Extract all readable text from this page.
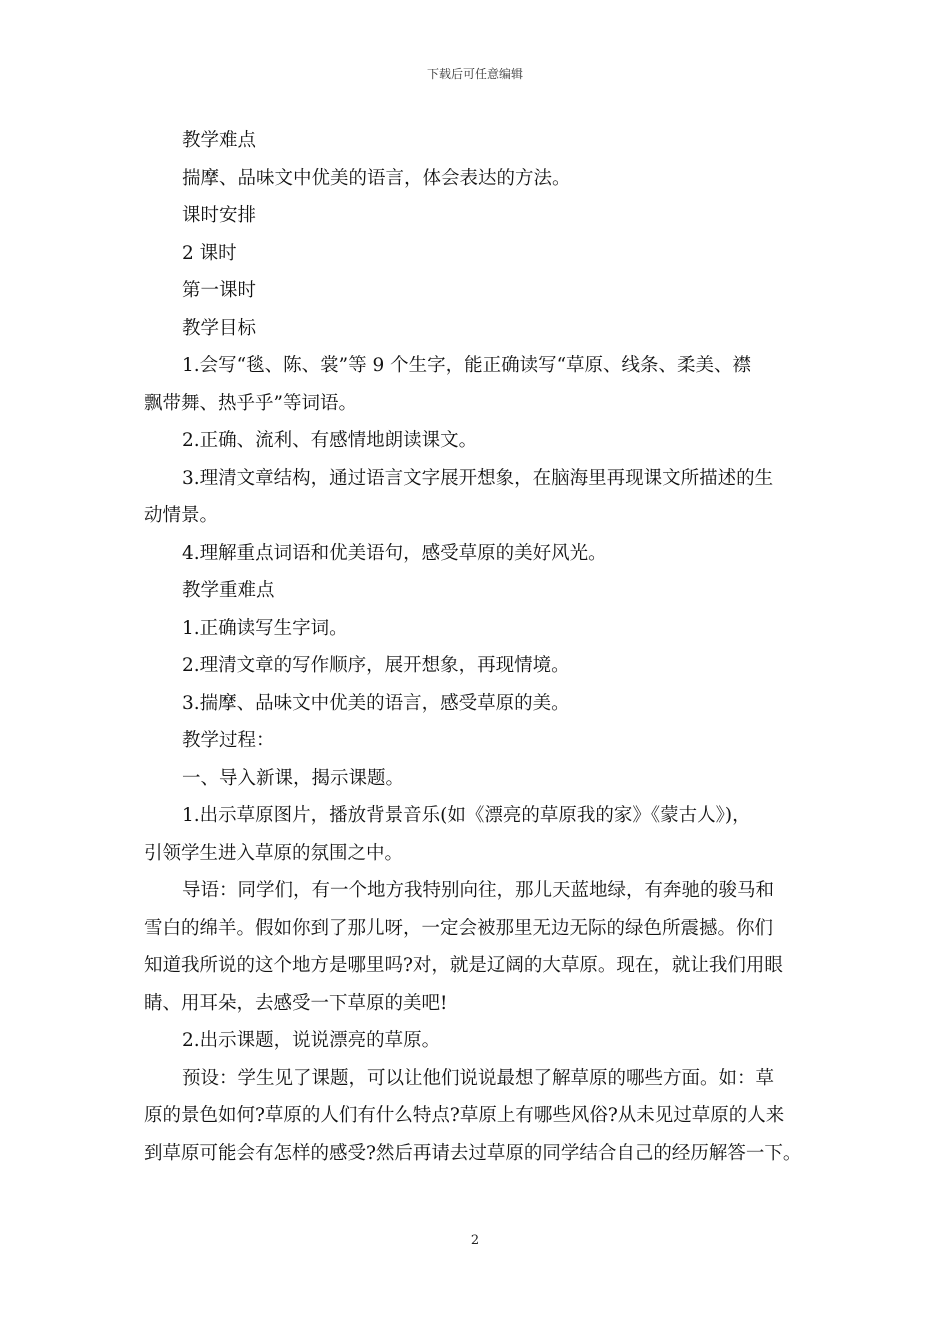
下载后可任意编辑
教学难点
揣摩、品味文中优美的语言，体会表达的方法。
课时安排
2 课时
第一课时
教学目标
1.会写“毯、陈、裳”等 9 个生字，能正确读写“草原、线条、柔美、襟
飘带舞、热乎乎”等词语。
2.正确、流利、有感情地朗读课文。
3.理清文章结构，通过语言文字展开想象，在脑海里再现课文所描述的生
动情景。
4.理解重点词语和优美语句，感受草原的美好风光。
教学重难点
1.正确读写生字词。
2.理清文章的写作顺序，展开想象，再现情境。
3.揣摩、品味文中优美的语言，感受草原的美。
教学过程：
一、导入新课，揭示课题。
1.出示草原图片，播放背景音乐(如《漂亮的草原我的家》《蒙古人》)，
引领学生进入草原的氛围之中。
导语：同学们，有一个地方我特别向往，那儿天蓝地绿，有奔驰的骏马和
雪白的绵羊。假如你到了那儿呀，一定会被那里无边无际的绿色所震撼。你们
知道我所说的这个地方是哪里吗?对，就是辽阔的大草原。现在，就让我们用眼
睛、用耳朵，去感受一下草原的美吧!
2.出示课题，说说漂亮的草原。
预设：学生见了课题，可以让他们说说最想了解草原的哪些方面。如：草
原的景色如何?草原的人们有什么特点?草原上有哪些风俗?从未见过草原的人来
到草原可能会有怎样的感受?然后再请去过草原的同学结合自己的经历解答一下。
2
